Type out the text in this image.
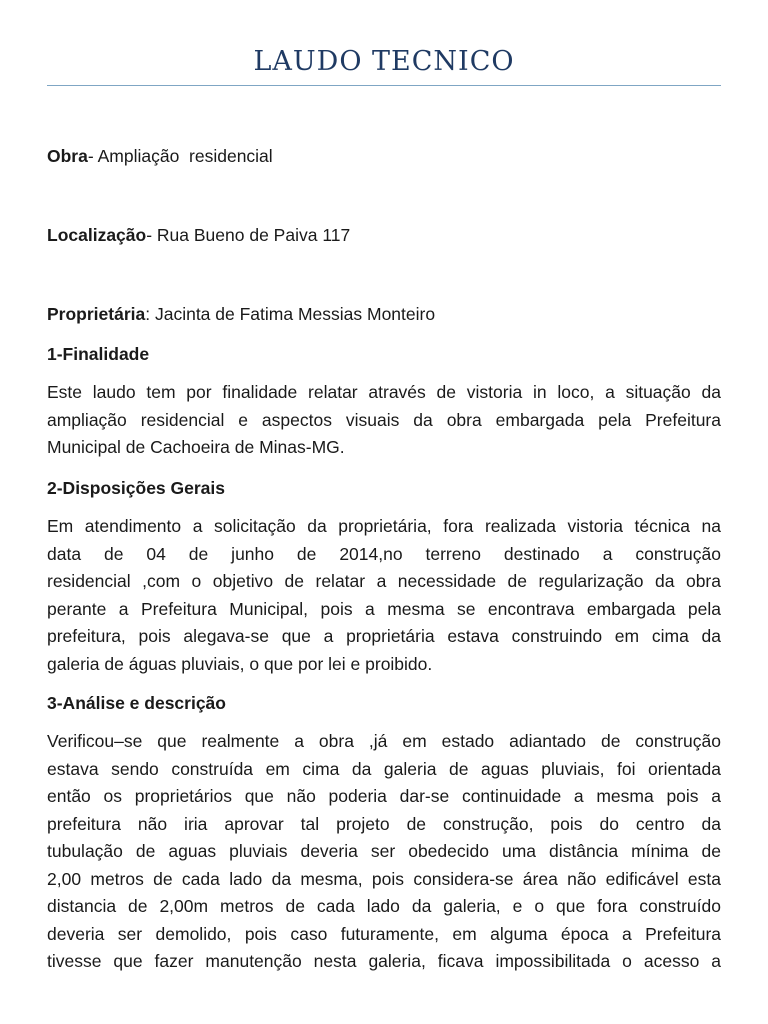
LAUDO TECNICO

Obra- Ampliação  residencial

Localização- Rua Bueno de Paiva 117

Proprietária: Jacinta de Fatima Messias Monteiro

1-Finalidade
Este laudo tem por finalidade relatar através de vistoria in loco, a situação da
ampliação residencial e aspectos visuais da obra embargada pela Prefeitura
Municipal de Cachoeira de Minas-MG.
2-Disposições Gerais
Em atendimento a solicitação da proprietária, fora realizada vistoria técnica na
data de 04 de junho de 2014,no terreno destinado a construção
residencial ,com o objetivo de relatar a necessidade de regularização da obra
perante a Prefeitura Municipal, pois a mesma se encontrava embargada pela
prefeitura, pois alegava-se que a proprietária estava construindo em cima da
galeria de águas pluviais, o que por lei e proibido.
3-Análise e descrição
Verificou–se que realmente a obra ,já em estado adiantado de construção
estava sendo construída em cima da galeria de aguas pluviais, foi orientada
então os proprietários que não poderia dar-se continuidade a mesma pois a
prefeitura não iria aprovar tal projeto de construção, pois do centro da
tubulação de aguas pluviais deveria ser obedecido uma distância mínima de
2,00 metros de cada lado da mesma, pois considera-se área não edificável esta
distancia de 2,00m metros de cada lado da galeria, e o que fora construído
deveria ser demolido, pois caso futuramente, em alguma época a Prefeitura
tivesse que fazer manutenção nesta galeria, ficava impossibilitada o acesso a
